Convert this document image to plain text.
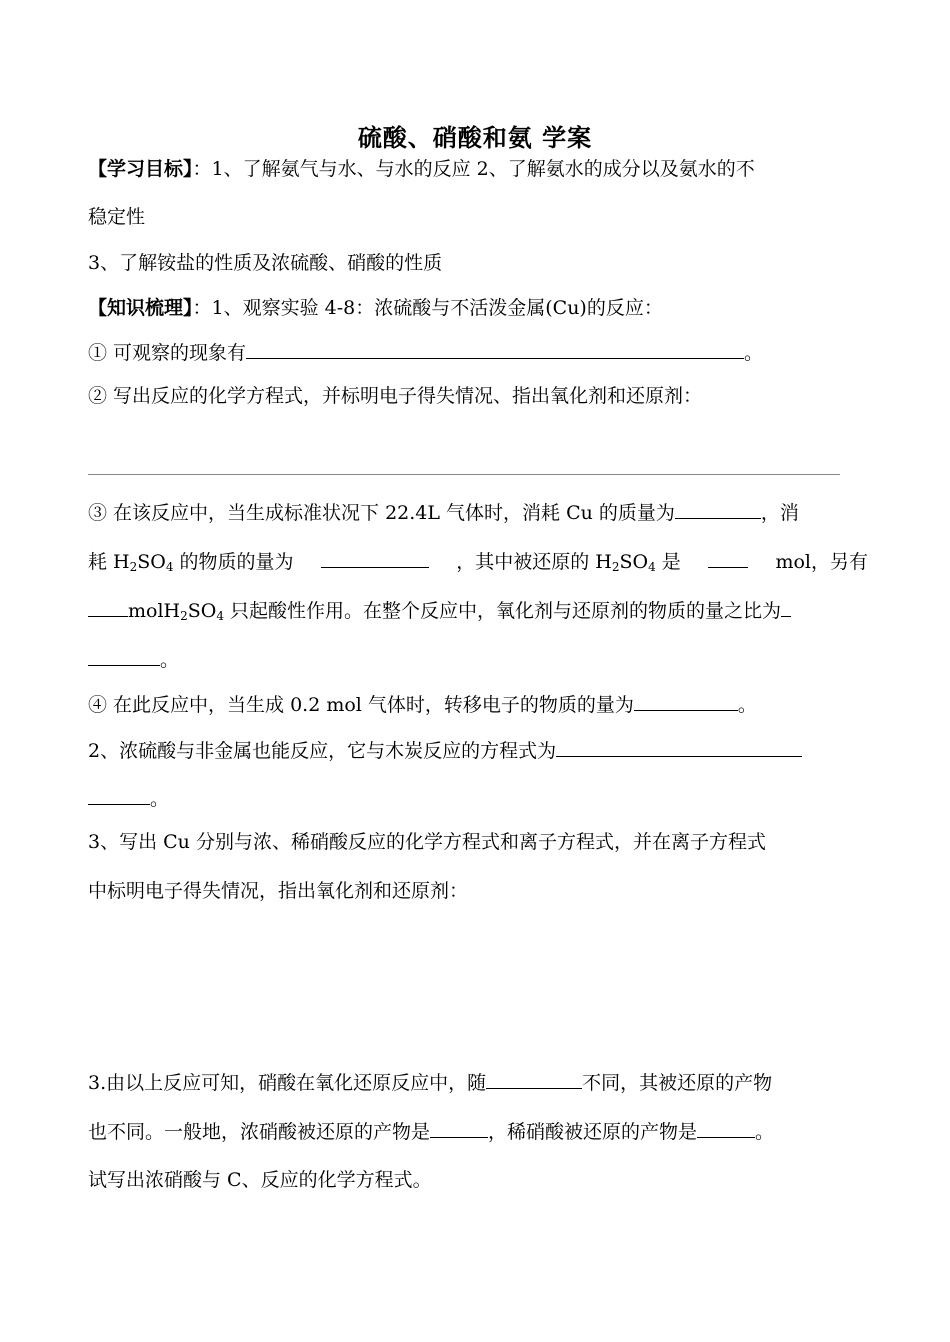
硫酸、硝酸和氨 学案
【学习目标】：1、了解氨气与水、与水的反应 2、了解氨水的成分以及氨水的不
稳定性
3、了解铵盐的性质及浓硫酸、硝酸的性质
【知识梳理】：1、观察实验 4-8：浓硫酸与不活泼金属(Cu)的反应：
① 可观察的现象有	。
② 写出反应的化学方程式，并标明电子得失情况、指出氧化剂和还原剂：
③ 在该反应中，当生成标准状况下 22.4L 气体时，消耗 Cu 的质量为	，消
耗 $H_2SO_4$ 的物质的量为	，其中被还原的 $H_2SO_4$ 是	mol，另有
$molH_2SO_4$ 只起酸性作用。在整个反应中，氧化剂与还原剂的物质的量之比为
。
④ 在此反应中，当生成 0.2 mol 气体时，转移电子的物质的量为	。
2、浓硫酸与非金属也能反应，它与木炭反应的方程式为
。
3、写出 Cu 分别与浓、稀硝酸反应的化学方程式和离子方程式，并在离子方程式
中标明电子得失情况，指出氧化剂和还原剂：
3.由以上反应可知，硝酸在氧化还原反应中，随	不同，其被还原的产物
也不同。一般地，浓硝酸被还原的产物是	，稀硝酸被还原的产物是	。
试写出浓硝酸与 C、反应的化学方程式。
